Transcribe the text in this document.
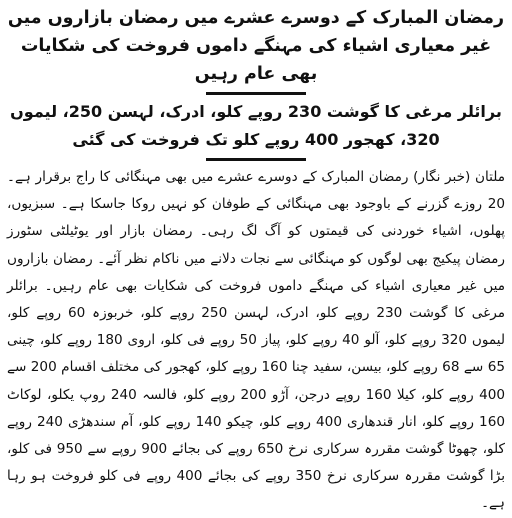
رمضان المبارک کے دوسرے عشرے میں رمضان بازاروں میں غیر معیاری اشیاء کی مہنگے داموں فروخت کی شکایات بھی عام رہیں
برائلر مرغی کا گوشت 230 روپے کلو، ادرک، لہسن 250، لیموں 320، کھجور 400 روپے کلو تک فروخت کی گئی

ملتان (خبر نگار) رمضان المبارک کے دوسرے عشرے میں بھی مہنگائی کا راج برقرار ہے۔ 20 روزے گزرنے کے باوجود بھی مہنگائی کے طوفان کو نہیں روکا جاسکا ہے۔ سبزیوں، پھلوں، اشیاء خوردنی کی قیمتوں کو آگ لگ رہی۔ رمضان بازار اور یوٹیلٹی سٹورز رمضان پیکیج بھی لوگوں کو مہنگائی سے نجات دلانے میں ناکام نظر آئے۔ رمضان بازاروں میں غیر معیاری اشیاء کی مہنگے داموں فروخت کی شکایات بھی عام رہیں۔ برائلر مرغی کا گوشت 230 روپے کلو، ادرک، لہسن 250 روپے کلو، خربوزہ 60 روپے کلو، لیموں 320 روپے کلو، آلو 40 روپے کلو، پیاز 50 روپے فی کلو، اروی 180 روپے کلو، چینی 65 سے 68 روپے کلو، بیسن، سفید چنا 160 روپے کلو، کھجور کی مختلف اقسام 200 سے 400 روپے کلو، کیلا 160 روپے درجن، آڑو 200 روپے کلو، فالسہ 240 روپ یکلو، لوکاٹ 160 روپے کلو، انار قندھاری 400 روپے کلو، چیکو 140 روپے کلو، آم سندھڑی 240 روپے کلو، چھوٹا گوشت مقررہ سرکاری نرخ 650 روپے کی بجائے 900 روپے سے 950 فی کلو، بڑا گوشت مقررہ سرکاری نرخ 350 روپے کی بجائے 400 روپے فی کلو فروخت ہو رہا ہے۔
